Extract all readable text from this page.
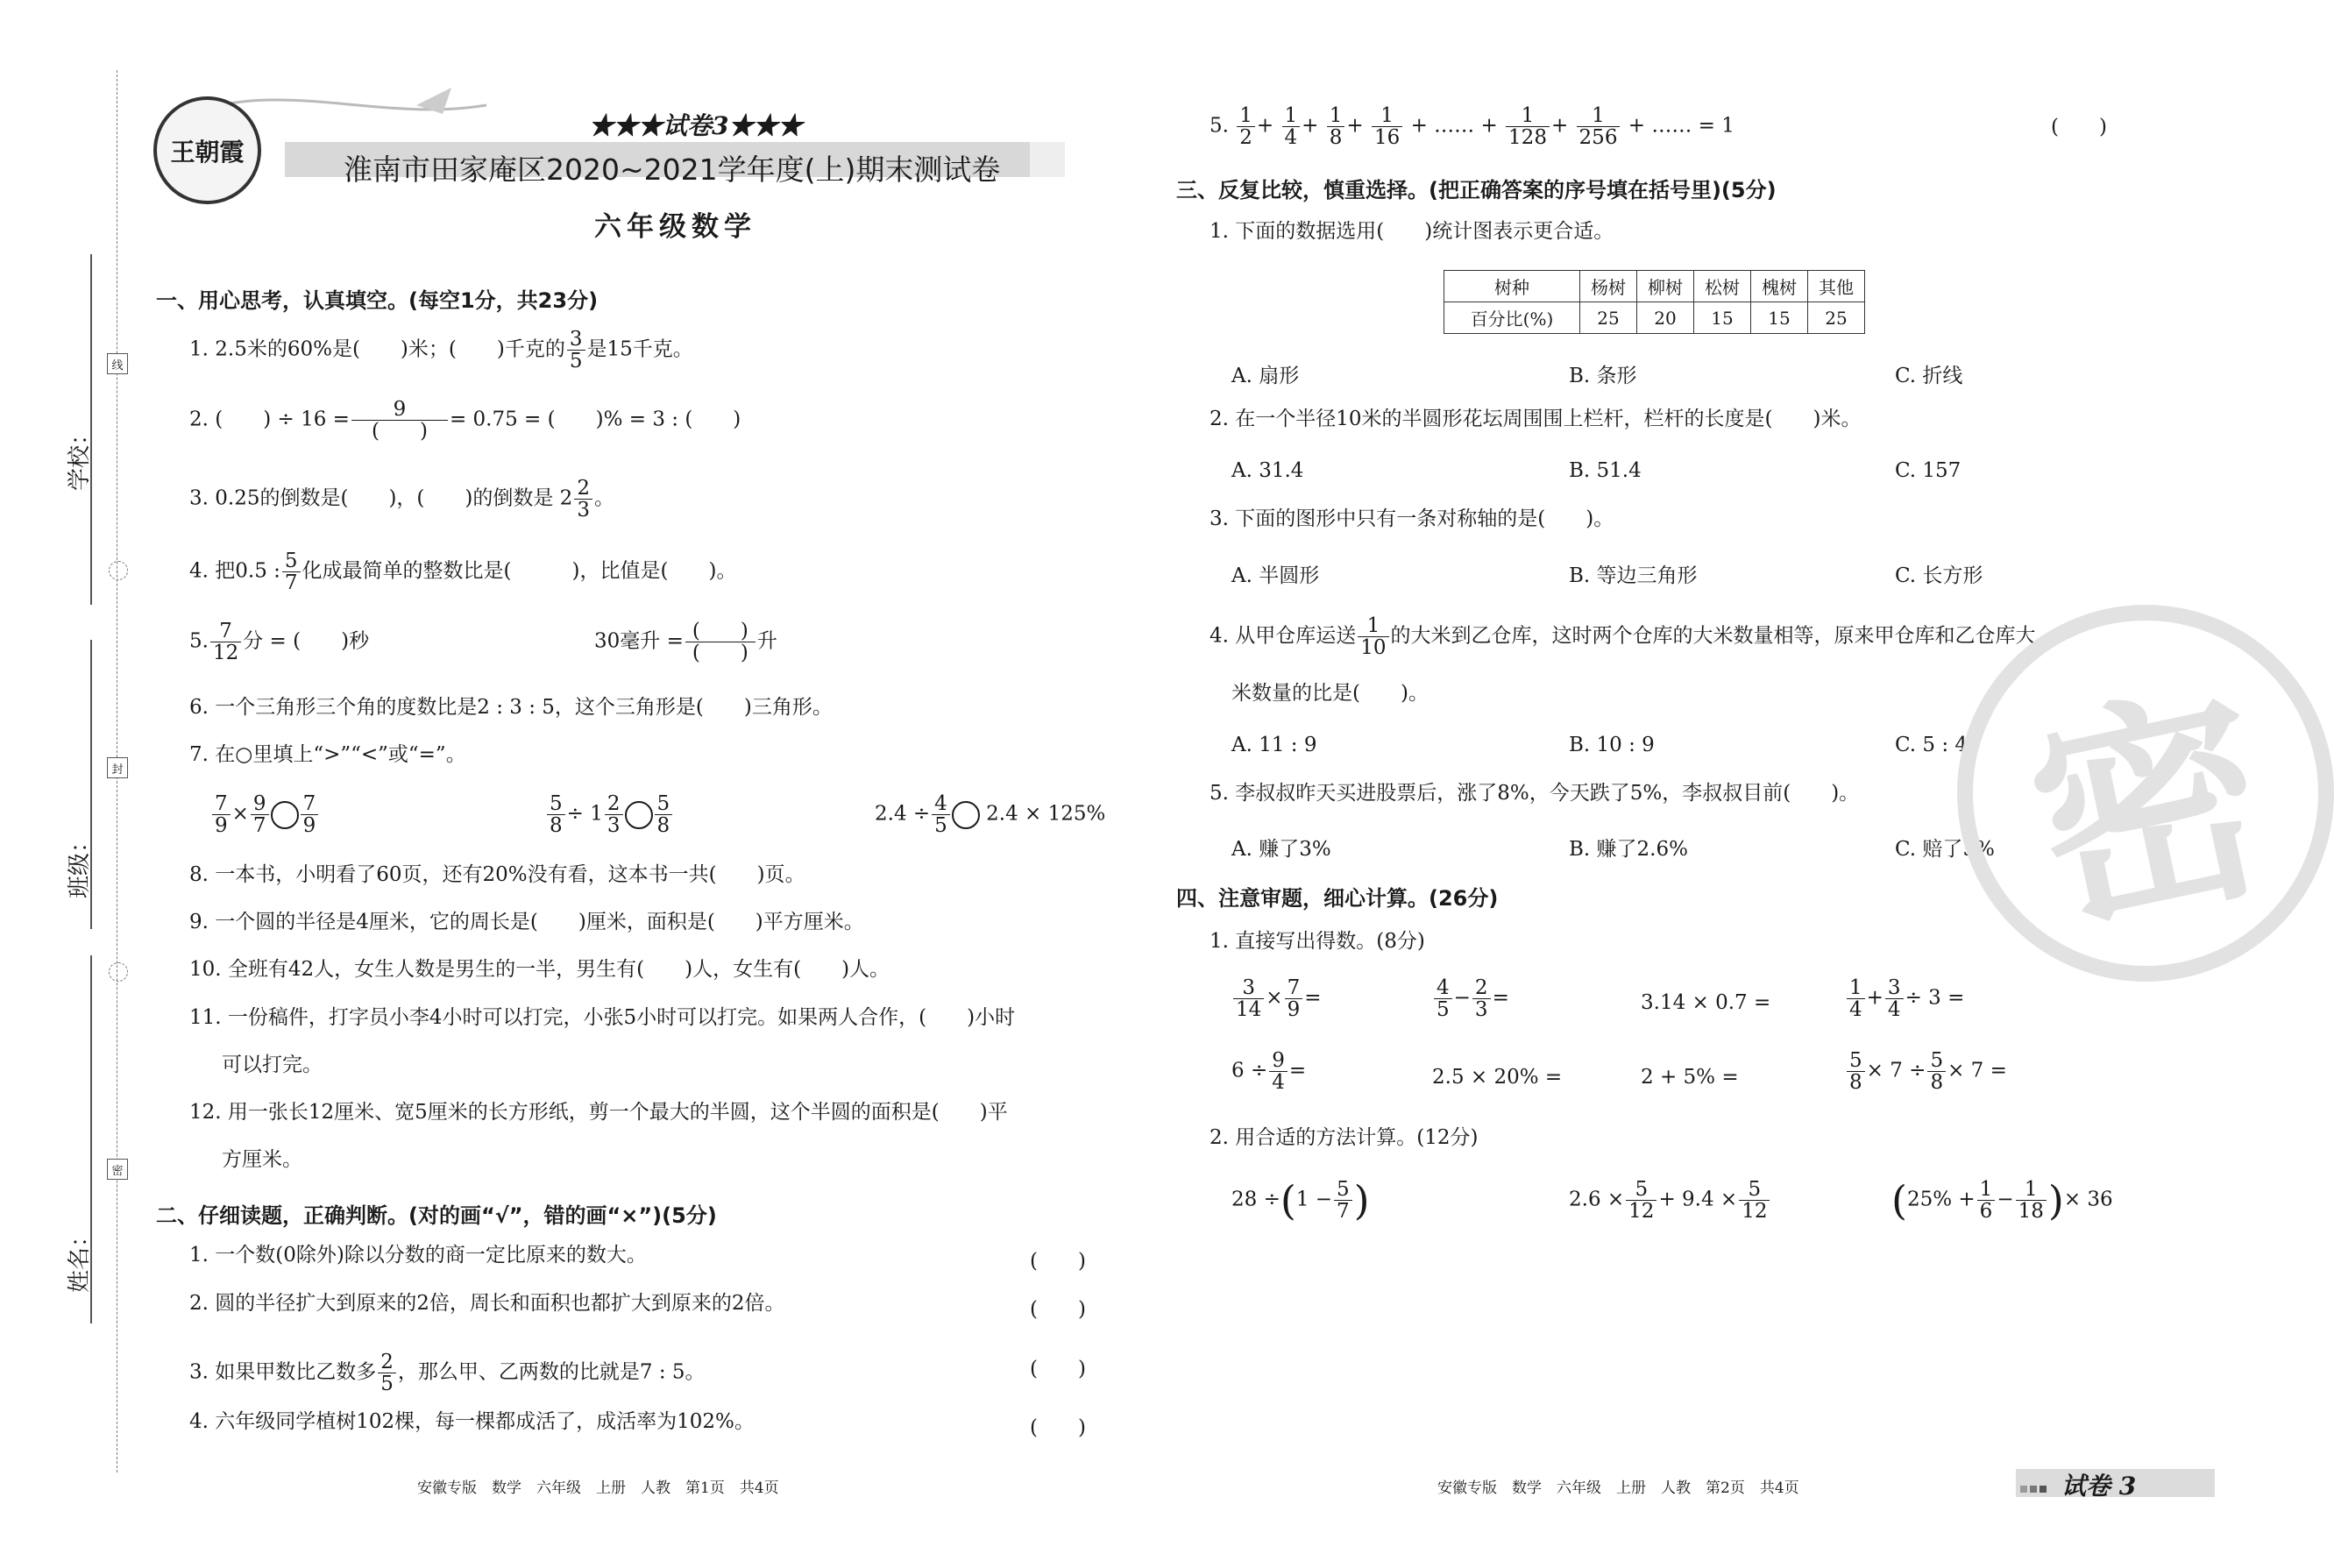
线
封
密
学校：
班级：
姓名：
王朝霞
★★★试卷3★★★
淮南市田家庵区2020~2021学年度(上)期末测试卷
六年级数学
一、用心思考，认真填空。(每空1分，共23分)
1. 2.5米的60%是(　　)米；(　　)千克的 $\frac{3}{5}$ 是15千克。
2. (　　) ÷ $16 = \frac{9}{( )} = 0.75$ = (　　)% = 3 : (　　)
3. 0.25的倒数是(　　)，(　　)的倒数是 $2 \frac{2}{3}$ 。
4. 把0.5 : $\frac{5}{7}$ 化成最简单的整数比是(　　　)，比值是(　　)。
5. $\frac{7}{12}$ 分 = (　　)秒	30毫升 = $\frac{( )}{( )}$ 升
6. 一个三角形三个角的度数比是2 : 3 : 5，这个三角形是(　　)三角形。
7. 在○里填上“>”“<”或“=”。
$\frac{7}{9} \times \frac{9}{7} \frac{7}{9}$	$\frac{5}{8} \div 1 \frac{2}{3} \frac{5}{8}$	$2.4 \div \frac{4}{5} 2.4 \times 125\%$
8. 一本书，小明看了60页，还有20%没有看，这本书一共(　　)页。
9. 一个圆的半径是4厘米，它的周长是(　　)厘米，面积是(　　)平方厘米。
10. 全班有42人，女生人数是男生的一半，男生有(　　)人，女生有(　　)人。
11. 一份稿件，打字员小李4小时可以打完，小张5小时可以打完。如果两人合作，(　　)小时
可以打完。
12. 用一张长12厘米、宽5厘米的长方形纸，剪一个最大的半圆，这个半圆的面积是(　　)平
方厘米。
二、仔细读题，正确判断。(对的画“√”，错的画“×”)(5分)
1. 一个数(0除外)除以分数的商一定比原来的数大。	(　　)
2. 圆的半径扩大到原来的2倍，周长和面积也都扩大到原来的2倍。	(　　)
3. 如果甲数比乙数多 $\frac{2}{5}$ ，那么甲、乙两数的比就是7 : 5。	(　　)
4. 六年级同学植树102棵，每一棵都成活了，成活率为102%。	(　　)
安徽专版　数学　六年级　上册　人教　第1页　共4页
5. $\frac{1}{2} + \frac{1}{4} + \frac{1}{8} + \frac{1}{16}$ + …… + $\frac{1}{128} + \frac{1}{256}$ + …… = 1	(　　)
三、反复比较，慎重选择。(把正确答案的序号填在括号里)(5分)
1. 下面的数据选用(　　)统计图表示更合适。
树种	杨树	柳树	松树	槐树	其他
百分比(%)	25	20	15	15	25
A. 扇形	B. 条形	C. 折线
2. 在一个半径10米的半圆形花坛周围围上栏杆，栏杆的长度是(　　)米。
A. 31.4	B. 51.4	C. 157
3. 下面的图形中只有一条对称轴的是(　　)。
A. 半圆形	B. 等边三角形	C. 长方形
4. 从甲仓库运送 $\frac{1}{10}$ 的大米到乙仓库，这时两个仓库的大米数量相等，原来甲仓库和乙仓库大
米数量的比是(　　)。
A. 11 : 9	B. 10 : 9	C. 5 : 4
5. 李叔叔昨天买进股票后，涨了8%，今天跌了5%，李叔叔目前(　　)。
A. 赚了3%	B. 赚了2.6%	C. 赔了5% 密
四、注意审题，细心计算。(26分)
1. 直接写出得数。(8分)
$\frac{3}{14} \times \frac{7}{9}$ =	$\frac{4}{5} - \frac{2}{3}$ =	3.14 × 0.7 =	$\frac{1}{4} + \frac{3}{4} \div 3$ =
$6 \div \frac{9}{4}$ =	2.5 × 20% =	2 + 5% =	$\frac{5}{8} \times 7 \div \frac{5}{8} \times 7$ =
2. 用合适的方法计算。(12分)
$28 \div(1 - \frac{5}{7}$ )	$2.6 \times \frac{5}{12} + 9.4 \times \frac{5}{12}$	($25\% + \frac{1}{6} - \frac{1}{18}$ )× 36
安徽专版　数学　六年级　上册　人教　第2页　共4页	试卷 3
